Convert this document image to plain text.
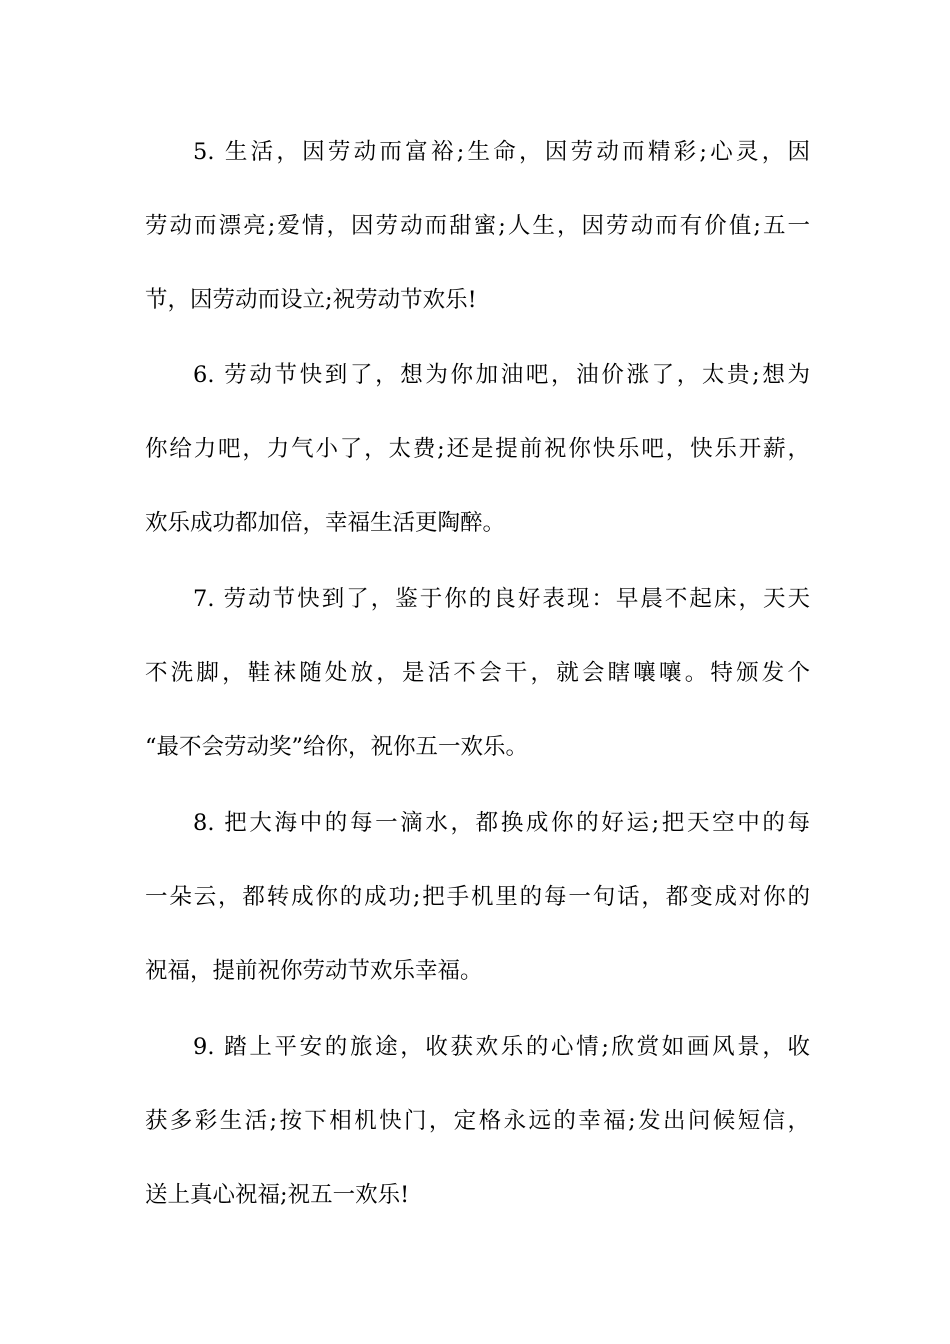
5. 生活，因劳动而富裕;生命，因劳动而精彩;心灵，因
劳动而漂亮;爱情，因劳动而甜蜜;人生，因劳动而有价值;五一
节，因劳动而设立;祝劳动节欢乐!
6. 劳动节快到了，想为你加油吧，油价涨了，太贵;想为
你给力吧，力气小了，太费;还是提前祝你快乐吧，快乐开薪，
欢乐成功都加倍，幸福生活更陶醉。
7. 劳动节快到了，鉴于你的良好表现：早晨不起床，天天
不洗脚，鞋袜随处放，是活不会干，就会瞎嚷嚷。特颁发个
“最不会劳动奖”给你，祝你五一欢乐。
8. 把大海中的每一滴水，都换成你的好运;把天空中的每
一朵云，都转成你的成功;把手机里的每一句话，都变成对你的
祝福，提前祝你劳动节欢乐幸福。
9. 踏上平安的旅途，收获欢乐的心情;欣赏如画风景，收
获多彩生活;按下相机快门，定格永远的幸福;发出问候短信，
送上真心祝福;祝五一欢乐!
